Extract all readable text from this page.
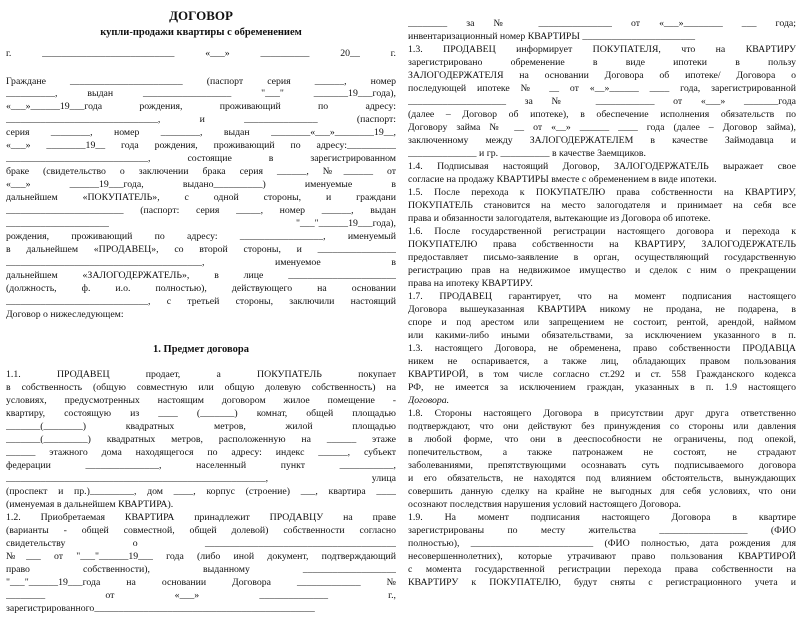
ДОГОВОР
купли-продажи квартиры с обременением
1. Предмет договора
г. ___________________________ «___» __________ 20__ г.
Граждане _______________________ (паспорт серия ______, номер
__________, выдан __________________ "___" _______19___года),
«___»______19___года рождения, проживающий по адресу:
_______________________________, и _______________ (паспорт:
серия ________, номер ________, выдан ________«___»________19__,
«___» ________19__ года рождения, проживающий по адресу:__________
_____________________________, состоящие в зарегистрированном
браке (свидетельство о заключении брака серия ______, №______ от
«___» ______19___года, выдано__________) именуемые в
дальнейшем «ПОКУПАТЕЛЬ», с одной стороны, и граждани
________________________ (паспорт: серия _____, номер ______, выдан
_____________________ "___"______19___года),
рождения, проживающий по адресу: _________________, именуемый
в дальнейшем «ПРОДАВЕЦ», со второй стороны, и ________________
________________________________________, именуемое в
дальнейшем «ЗАЛОГОДЕРЖАТЕЛЬ», в лице ______________________
(должность, ф. и.о. полностью), действующего на основании
_____________________________, с третьей стороны, заключили настоящий
Договор о нижеследующем:
1.1. ПРОДАВЕЦ продает, а ПОКУПАТЕЛЬ покупает
в собственность (общую совместную или общую долевую собственность) на
условиях, предусмотренных настоящим договором жилое помещение -
квартиру, состоящую из ____ (_______) комнат, общей площадью
_______(________) квадратных метров, жилой площадью
_______(_________) квадратных метров, расположенную на ______ этаже
______ этажного дома находящегося по адресу: индекс ______, субъект
федерации _______________, населенный пункт ___________,
_____________________________________________________, улица
(проспект и пр.)_________, дом ____, корпус (строение) ___, квартира ____
(именуемая в дальнейшем КВАРТИРА).
1.2. Приобретаемая КВАРТИРА принадлежит ПРОДАВЦУ на праве
(варианты - общей совместной, общей долевой) собственности согласно
свидетельству о _______________________________________
№___ от "___"______19___ года (либо иной документ, подтверждающий
право собственности), выданному ___________________
"___"______19___года на основании Договора _____________ №
________ от «___» ______________ г.,
зарегистрированного_____________________________________________
________ за № _______________ от «___»________ ___ года;
инвентаризационный номер КВАРТИРЫ _______________________
1.3. ПРОДАВЕЦ информирует ПОКУПАТЕЛЯ, что на КВАРТИРУ
зарегистрировано обременение в виде ипотеки в пользу
ЗАЛОГОДЕРЖАТЕЛЯ на основании Договора об ипотеке/ Договора о
последующей ипотеке № __ от «__»______ ____ года, зарегистрированной
____________________ за № ____________ от «___» _______года
(далее – Договор об ипотеке), в обеспечение исполнения обязательств по
Договору займа № __ от «__» ______ ____ года (далее – Договор займа),
заключенному между ЗАЛОГОДЕРЖАТЕЛЕМ в качестве Займодавца и
______________ и гр. __________ в качестве Заемщиков.
1.4. Подписывая настоящий Договор, ЗАЛОГОДЕРЖАТЕЛЬ выражает свое
согласие на продажу КВАРТИРЫ вместе с обременением в виде ипотеки.
1.5. После перехода к ПОКУПАТЕЛЮ права собственности на КВАРТИРУ,
ПОКУПАТЕЛЬ становится на место залогодателя и принимает на себя все
права и обязанности залогодателя, вытекающие из Договора об ипотеке.
1.6. После государственной регистрации настоящего договора и перехода к
ПОКУПАТЕЛЮ права собственности на КВАРТИРУ, ЗАЛОГОДЕРЖАТЕЛЬ
предоставляет письмо-заявление в орган, осуществляющий государственную
регистрацию прав на недвижимое имущество и сделок с ним о прекращении
права на ипотеку КВАРТИРУ.
1.7. ПРОДАВЕЦ гарантирует, что на момент подписания настоящего
Договора вышеуказанная КВАРТИРА никому не продана, не подарена, в
споре и под арестом или запрещением не состоит, рентой, арендой, наймом
или какими-либо иными обязательствами, за исключением указанного в п.
1.3. настоящего Договора, не обременена, право собственности ПРОДАВЦА
никем не оспаривается, а также лиц, обладающих правом пользования
КВАРТИРОЙ, в том числе согласно ст.292 и ст. 558 Гражданского кодекса
РФ, не имеется за исключением граждан, указанных в п. 1.9 настоящего
Договора.
1.8. Стороны настоящего Договора в присутствии друг друга ответственно
подтверждают, что они действуют без принуждения со стороны или давления
в любой форме, что они в дееспособности не ограничены, под опекой,
попечительством, а также патронажем не состоят, не страдают
заболеваниями, препятствующими осознавать суть подписываемого договора
и его обязательств, не находятся под влиянием обстоятельств, вынуждающих
совершить данную сделку на крайне не выгодных для себя условиях, что они
осознают последствия нарушения условий настоящего Договора.
1.9. На момент подписания настоящего Договора в квартире
зарегистрированы по месту жительства __________________ (ФИО
полностью), _________________________ (ФИО полностью, дата рождения для
несовершеннолетних), которые утрачивают право пользования КВАРТИРОЙ
с момента государственной регистрации перехода права собственности на
КВАРТИРУ к ПОКУПАТЕЛЮ, будут сняты с регистрационного учета и
